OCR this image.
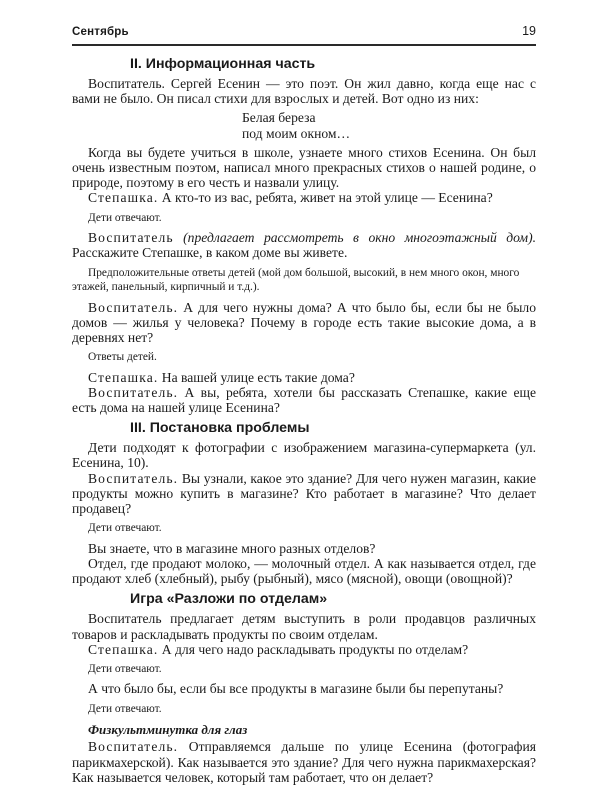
Сентябрь	19
II. Информационная часть

Воспитатель. Сергей Есенин — это поэт. Он жил давно, когда еще нас с вами не было. Он писал стихи для взрослых и детей. Вот одно из них:

Белая береза
под моим окном…

Когда вы будете учиться в школе, узнаете много стихов Есенина. Он был очень известным поэтом, написал много прекрасных стихов о нашей родине, о природе, поэтому в его честь и назвали улицу.

Степашка. А кто-то из вас, ребята, живет на этой улице — Есенина?

Дети отвечают.

Воспитатель (предлагает рассмотреть в окно многоэтажный дом). Расскажите Степашке, в каком доме вы живете.

Предположительные ответы детей (мой дом большой, высокий, в нем много окон, много этажей, панельный, кирпичный и т.д.).

Воспитатель. А для чего нужны дома? А что было бы, если бы не было домов — жилья у человека? Почему в городе есть такие высокие дома, а в деревнях нет?

Ответы детей.

Степашка. На вашей улице есть такие дома?

Воспитатель. А вы, ребята, хотели бы рассказать Степашке, какие еще есть дома на нашей улице Есенина?

III. Постановка проблемы

Дети подходят к фотографии с изображением магазина-супермаркета (ул. Есенина, 10).

Воспитатель. Вы узнали, какое это здание? Для чего нужен магазин, какие продукты можно купить в магазине? Кто работает в магазине? Что делает продавец?

Дети отвечают.

Вы знаете, что в магазине много разных отделов?

Отдел, где продают молоко, — молочный отдел. А как называется отдел, где продают хлеб (хлебный), рыбу (рыбный), мясо (мясной), овощи (овощной)?

Игра «Разложи по отделам»

Воспитатель предлагает детям выступить в роли продавцов различных товаров и раскладывать продукты по своим отделам.

Степашка. А для чего надо раскладывать продукты по отделам?

Дети отвечают.

А что было бы, если бы все продукты в магазине были бы перепутаны?

Дети отвечают.
Физкультминутка для глаз

Воспитатель. Отправляемся дальше по улице Есенина (фотография парикмахерской). Как называется это здание? Для чего нужна парикмахерская? Как называется человек, который там работает, что он делает?
